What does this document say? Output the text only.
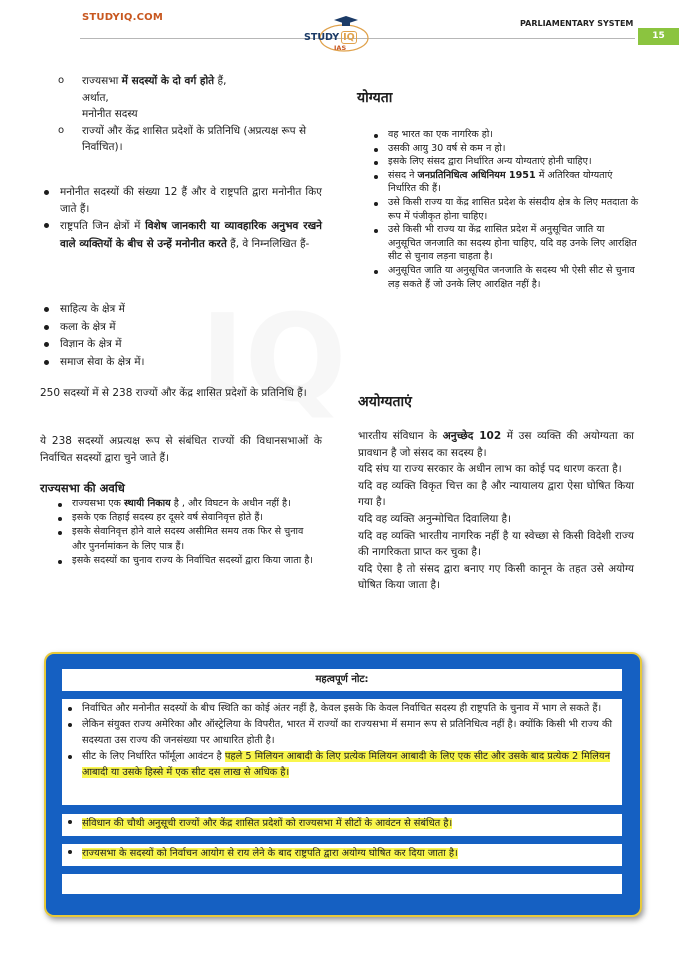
STUDYIQ.COM
PARLIAMENTARY SYSTEM
15
STUDY IQ
IAS
o राज्यसभा में सदस्यों के दो वर्ग होते हैं,
अर्थात,
मनोनीत सदस्य
o राज्यों और केंद्र शासित प्रदेशों के प्रतिनिधि (अप्रत्यक्ष रूप से निर्वाचित)।
मनोनीत सदस्यों की संख्या 12 हैं और वे राष्ट्रपति द्वारा मनोनीत किए जाते हैं।
राष्ट्रपति जिन क्षेत्रों में विशेष जानकारी या व्यावहारिक अनुभव रखने वाले व्यक्तियों के बीच से उन्हें मनोनीत करते हैं, वे निम्नलिखित हैं-
साहित्य के क्षेत्र में
कला के क्षेत्र में
विज्ञान के क्षेत्र में
समाज सेवा के क्षेत्र में।
250 सदस्यों में से 238 राज्यों और केंद्र शासित प्रदेशों के प्रतिनिधि हैं।
ये 238 सदस्यों अप्रत्यक्ष रूप से संबंधित राज्यों की विधानसभाओं के निर्वाचित सदस्यों द्वारा चुने जाते हैं।
राज्यसभा की अवधि
राज्यसभा एक स्थायी निकाय है , और विघटन के अधीन नहीं है।
इसके एक तिहाई सदस्य हर दूसरे वर्ष सेवानिवृत्त होते हैं।
इसके सेवानिवृत्त होने वाले सदस्य असीमित समय तक फिर से चुनाव और पुनर्नामांकन के लिए पात्र हैं।
इसके सदस्यों का चुनाव राज्य के निर्वाचित सदस्यों द्वारा किया जाता है।
योग्यता
वह भारत का एक नागरिक हो।
उसकी आयु 30 वर्ष से कम न हो।
इसके लिए संसद द्वारा निर्धारित अन्य योग्यताएं होनी चाहिए।
संसद ने जनप्रतिनिधित्व अधिनियम 1951 में अतिरिक्त योग्यताएं निर्धारित की हैं।
उसे किसी राज्य या केंद्र शासित प्रदेश के संसदीय क्षेत्र के लिए मतदाता के रूप में पंजीकृत होना चाहिए।
उसे किसी भी राज्य या केंद्र शासित प्रदेश में अनुसूचित जाति या अनुसूचित जनजाति का सदस्य होना चाहिए, यदि वह उनके लिए आरक्षित सीट से चुनाव लड़ना चाहता है।
अनुसूचित जाति या अनुसूचित जनजाति के सदस्य भी ऐसी सीट से चुनाव लड़ सकते हैं जो उनके लिए आरक्षित नहीं है।
अयोग्यताएं
भारतीय संविधान के अनुच्छेद 102 में उस व्यक्ति की अयोग्यता का प्रावधान है जो संसद का सदस्य है।
यदि संघ या राज्य सरकार के अधीन लाभ का कोई पद धारण करता है।
यदि वह व्यक्ति विकृत चित्त का है और न्यायालय द्वारा ऐसा घोषित किया गया है।
यदि वह व्यक्ति अनुन्मोचित दिवालिया है।
यदि वह व्यक्ति भारतीय नागरिक नहीं है या स्वेच्छा से किसी विदेशी राज्य की नागरिकता प्राप्त कर चुका है।
यदि ऐसा है तो संसद द्वारा बनाए गए किसी कानून के तहत उसे अयोग्य घोषित किया जाता है।
महत्वपूर्ण नोट:
निर्वाचित और मनोनीत सदस्यों के बीच स्थिति का कोई अंतर नहीं है, केवल इसके कि केवल निर्वाचित सदस्य ही राष्ट्रपति के चुनाव में भाग ले सकते हैं।
लेकिन संयुक्त राज्य अमेरिका और ऑस्ट्रेलिया के विपरीत, भारत में राज्यों का राज्यसभा में समान रूप से प्रतिनिधित्व नहीं है। क्योंकि किसी भी राज्य की सदस्यता उस राज्य की जनसंख्या पर आधारित होती है।
सीट के लिए निर्धारित फॉर्मूला आवंटन है पहले 5 मिलियन आबादी के लिए प्रत्येक मिलियन आबादी के लिए एक सीट और उसके बाद प्रत्येक 2 मिलियन आबादी या उसके हिस्से में एक सीट दस लाख से अधिक है।
संविधान की चौथी अनुसूची राज्यों और केंद्र शासित प्रदेशों को राज्यसभा में सीटों के आवंटन से संबंधित है।
राज्यसभा के सदस्यों को निर्वाचन आयोग से राय लेने के बाद राष्ट्रपति द्वारा अयोग्य घोषित कर दिया जाता है।
